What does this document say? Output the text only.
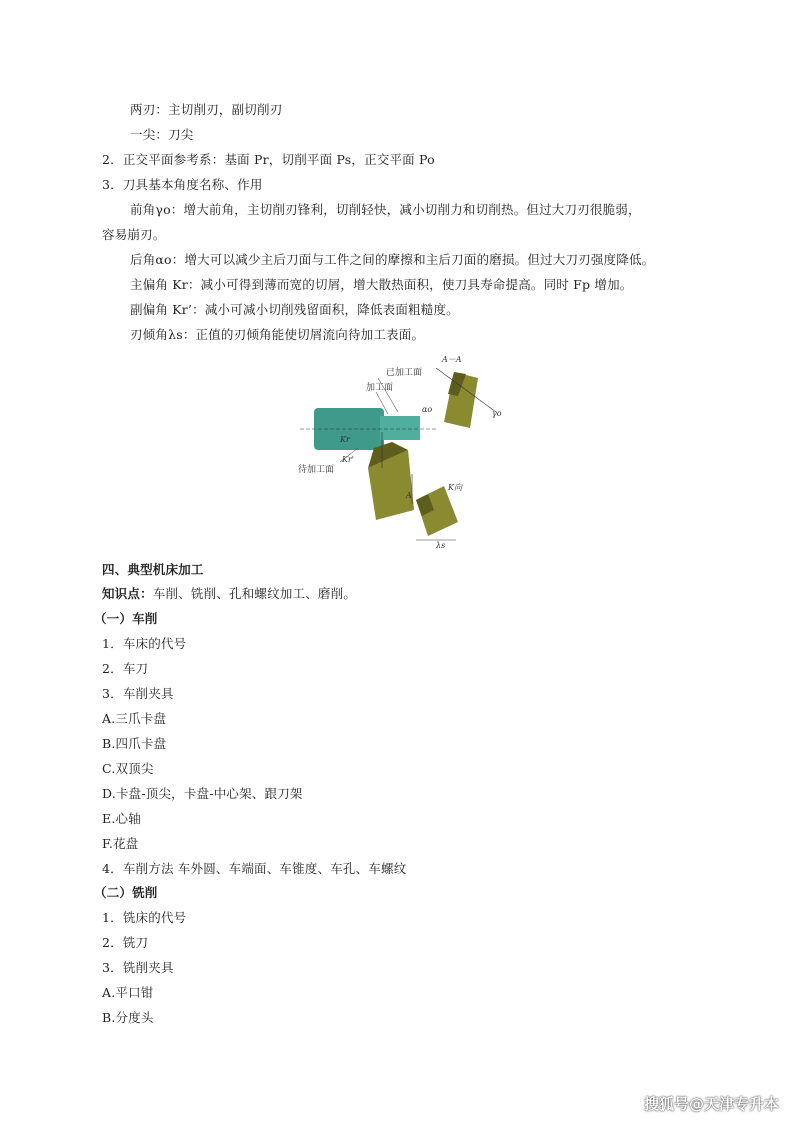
两刃：主切削刃，副切削刃
一尖：刀尖
2．正交平面参考系：基面 Pr，切削平面 Ps，正交平面 Po
3．刀具基本角度名称、作用
前角γo：增大前角，主切削刃锋利，切削轻快，减小切削力和切削热。但过大刀刃很脆弱，
容易崩刃。
后角αo：增大可以减少主后刀面与工件之间的摩擦和主后刀面的磨损。但过大刀刃强度降低。
主偏角 Kr：减小可得到薄而宽的切屑，增大散热面积，使刀具寿命提高。同时 Fp 增加。
副偏角 Kr’：减小可减小切削残留面积，降低表面粗糙度。
刃倾角λs：正值的刃倾角能使切屑流向待加工表面。
已加工面
加工面
待加工面
A－A
K向
Kr
Kr'
A
αo	γo
λs
四、典型机床加工
知识点：车削、铣削、孔和螺纹加工、磨削。
（一）车削
1．车床的代号
2．车刀
3．车削夹具
A.三爪卡盘
B.四爪卡盘
C.双顶尖
D.卡盘-顶尖，卡盘-中心架、跟刀架
E.心轴
F.花盘
4．车削方法 车外圆、车端面、车锥度、车孔、车螺纹
（二）铣削
1．铣床的代号
2．铣刀
3．铣削夹具
A.平口钳
B.分度头
搜狐号@天津专升本
